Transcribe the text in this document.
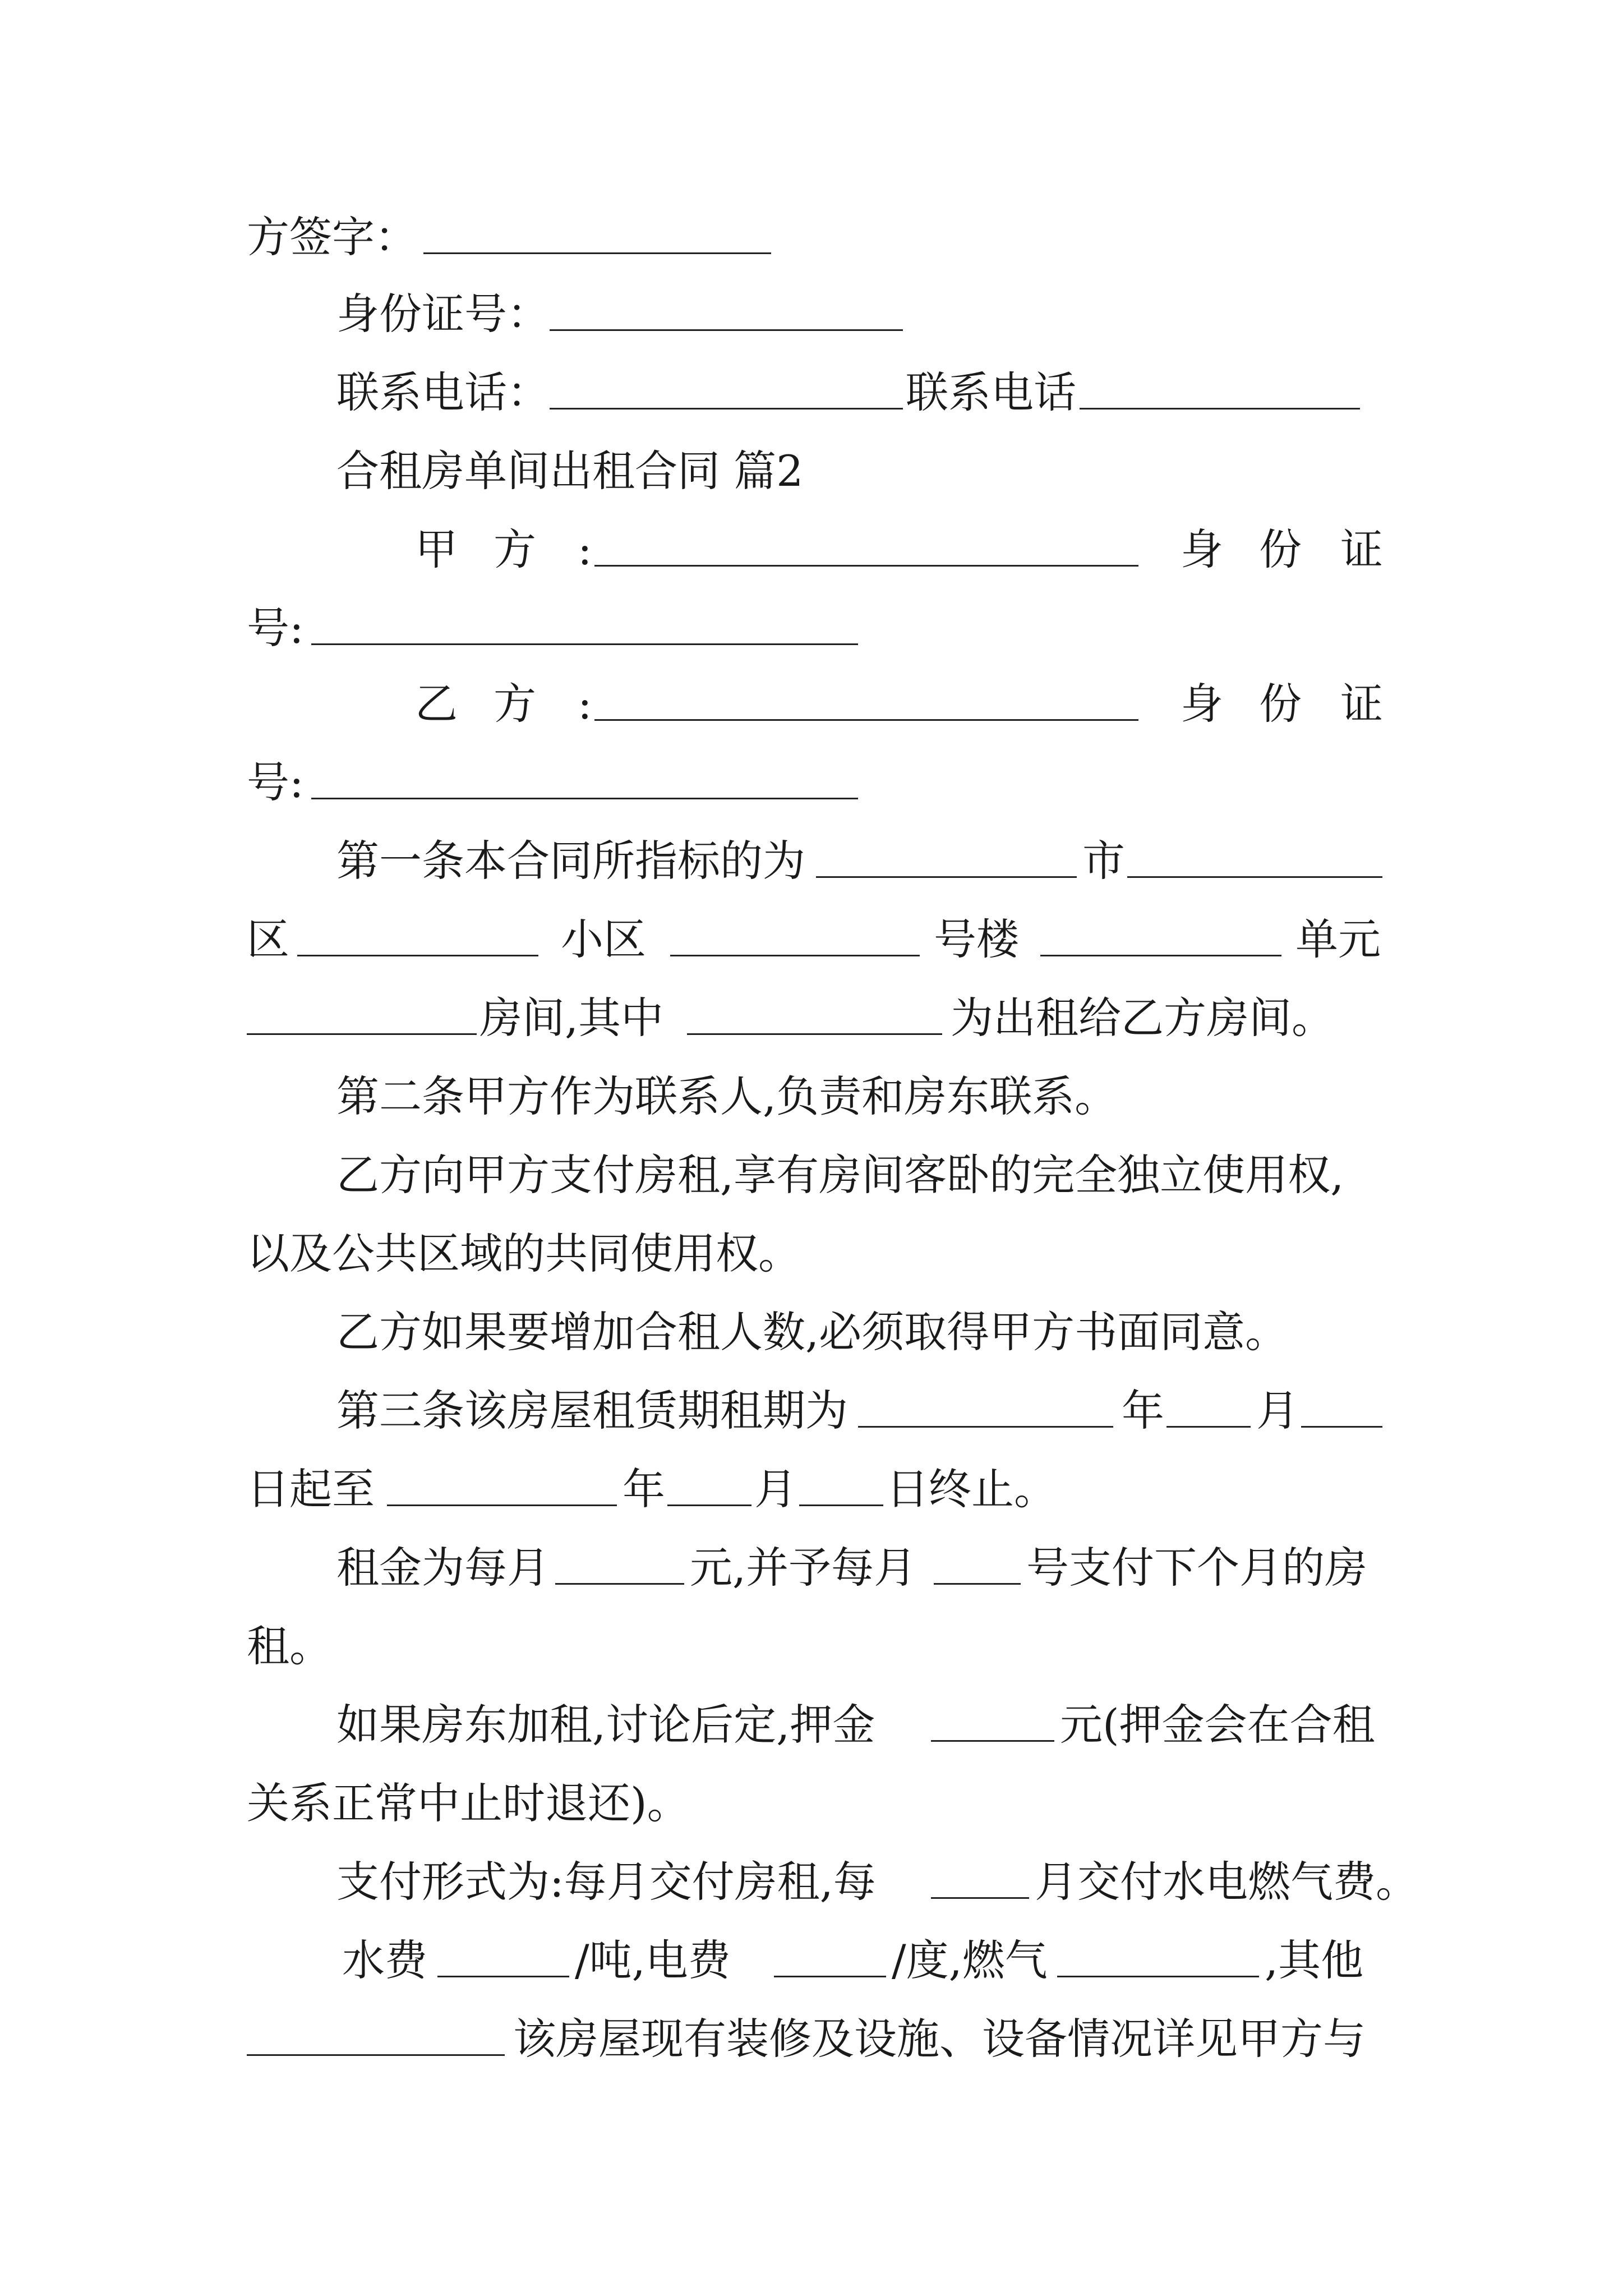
方签字：
身份证号：
联系电话：	联系电话
合租房单间出租合同 篇2
甲 方 :	身 份 证
号:
乙 方 :	身 份 证
号:
第一条本合同所指标的为	市
区	小区	号楼	单元
房间,其中	为出租给乙方房间。
第二条甲方作为联系人,负责和房东联系。
乙方向甲方支付房租,享有房间客卧的完全独立使用权,
以及公共区域的共同使用权。
乙方如果要增加合租人数,必须取得甲方书面同意。
第三条该房屋租赁期租期为	年 月
日起至	年 月 日终止。
租金为每月	元,并予每月	号支付下个月的房
租。
如果房东加租,讨论后定,押金	元(押金会在合租
关系正常中止时退还)。
支付形式为:每月交付房租,每	月交付水电燃气费。
水费	/吨,电费	/度,燃气	,其他
该房屋现有装修及设施、设备情况详见甲方与
